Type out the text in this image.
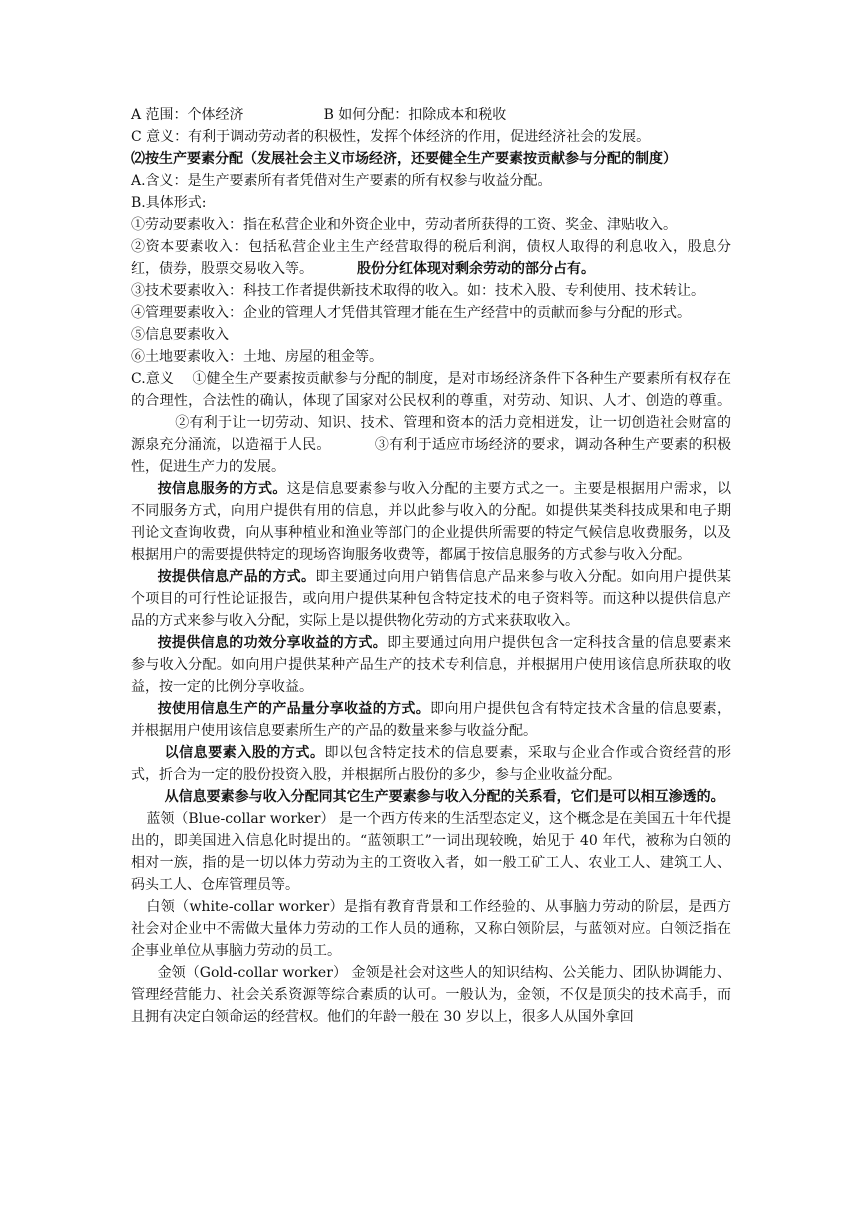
A 范围：个体经济	B 如何分配：扣除成本和税收

C 意义：有利于调动劳动者的积极性，发挥个体经济的作用，促进经济社会的发展。

⑵按生产要素分配（发展社会主义市场经济，还要健全生产要素按贡献参与分配的制度）

A.含义：是生产要素所有者凭借对生产要素的所有权参与收益分配。

B.具体形式:

①劳动要素收入：指在私营企业和外资企业中，劳动者所获得的工资、奖金、津贴收入。

②资本要素收入：包括私营企业主生产经营取得的税后利润，债权人取得的利息收入，股息分红，债券，股票交易收入等。	股份分红体现对剩余劳动的部分占有。

③技术要素收入：科技工作者提供新技术取得的收入。如：技术入股、专利使用、技术转让。

④管理要素收入：企业的管理人才凭借其管理才能在生产经营中的贡献而参与分配的形式。

⑤信息要素收入

⑥土地要素收入：土地、房屋的租金等。

C.意义 ①健全生产要素按贡献参与分配的制度，是对市场经济条件下各种生产要素所有权存在的合理性，合法性的确认，体现了国家对公民权利的尊重，对劳动、知识、人才、创造的尊重。②有利于让一切劳动、知识、技术、管理和资本的活力竞相迸发，让一切创造社会财富的源泉充分涌流，以造福于人民。	③有利于适应市场经济的要求，调动各种生产要素的积极性，促进生产力的发展。

按信息服务的方式。这是信息要素参与收入分配的主要方式之一。主要是根据用户需求，以不同服务方式，向用户提供有用的信息，并以此参与收入的分配。如提供某类科技成果和电子期刊论文查询收费，向从事种植业和渔业等部门的企业提供所需要的特定气候信息收费服务，以及根据用户的需要提供特定的现场咨询服务收费等，都属于按信息服务的方式参与收入分配。

按提供信息产品的方式。即主要通过向用户销售信息产品来参与收入分配。如向用户提供某个项目的可行性论证报告，或向用户提供某种包含特定技术的电子资料等。而这种以提供信息产品的方式来参与收入分配，实际上是以提供物化劳动的方式来获取收入。

按提供信息的功效分享收益的方式。即主要通过向用户提供包含一定科技含量的信息要素来参与收入分配。如向用户提供某种产品生产的技术专利信息，并根据用户使用该信息所获取的收益，按一定的比例分享收益。

按使用信息生产的产品量分享收益的方式。即向用户提供包含有特定技术含量的信息要素，并根据用户使用该信息要素所生产的产品的数量来参与收益分配。

以信息要素入股的方式。即以包含特定技术的信息要素，采取与企业合作或合资经营的形式，折合为一定的股份投资入股，并根据所占股份的多少，参与企业收益分配。

从信息要素参与收入分配同其它生产要素参与收入分配的关系看，它们是可以相互渗透的。

蓝领（Blue-collar worker） 是一个西方传来的生活型态定义，这个概念是在美国五十年代提出的，即美国进入信息化时提出的。“蓝领职工”一词出现较晚，始见于 40 年代，被称为白领的相对一族，指的是一切以体力劳动为主的工资收入者，如一般工矿工人、农业工人、建筑工人、码头工人、仓库管理员等。

白领（white-collar worker）是指有教育背景和工作经验的、从事脑力劳动的阶层，是西方社会对企业中不需做大量体力劳动的工作人员的通称，又称白领阶层，与蓝领对应。白领泛指在企事业单位从事脑力劳动的员工。

金领（Gold-collar worker） 金领是社会对这些人的知识结构、公关能力、团队协调能力、管理经营能力、社会关系资源等综合素质的认可。一般认为，金领，不仅是顶尖的技术高手，而且拥有决定白领命运的经营权。他们的年龄一般在 30 岁以上，很多人从国外拿回
